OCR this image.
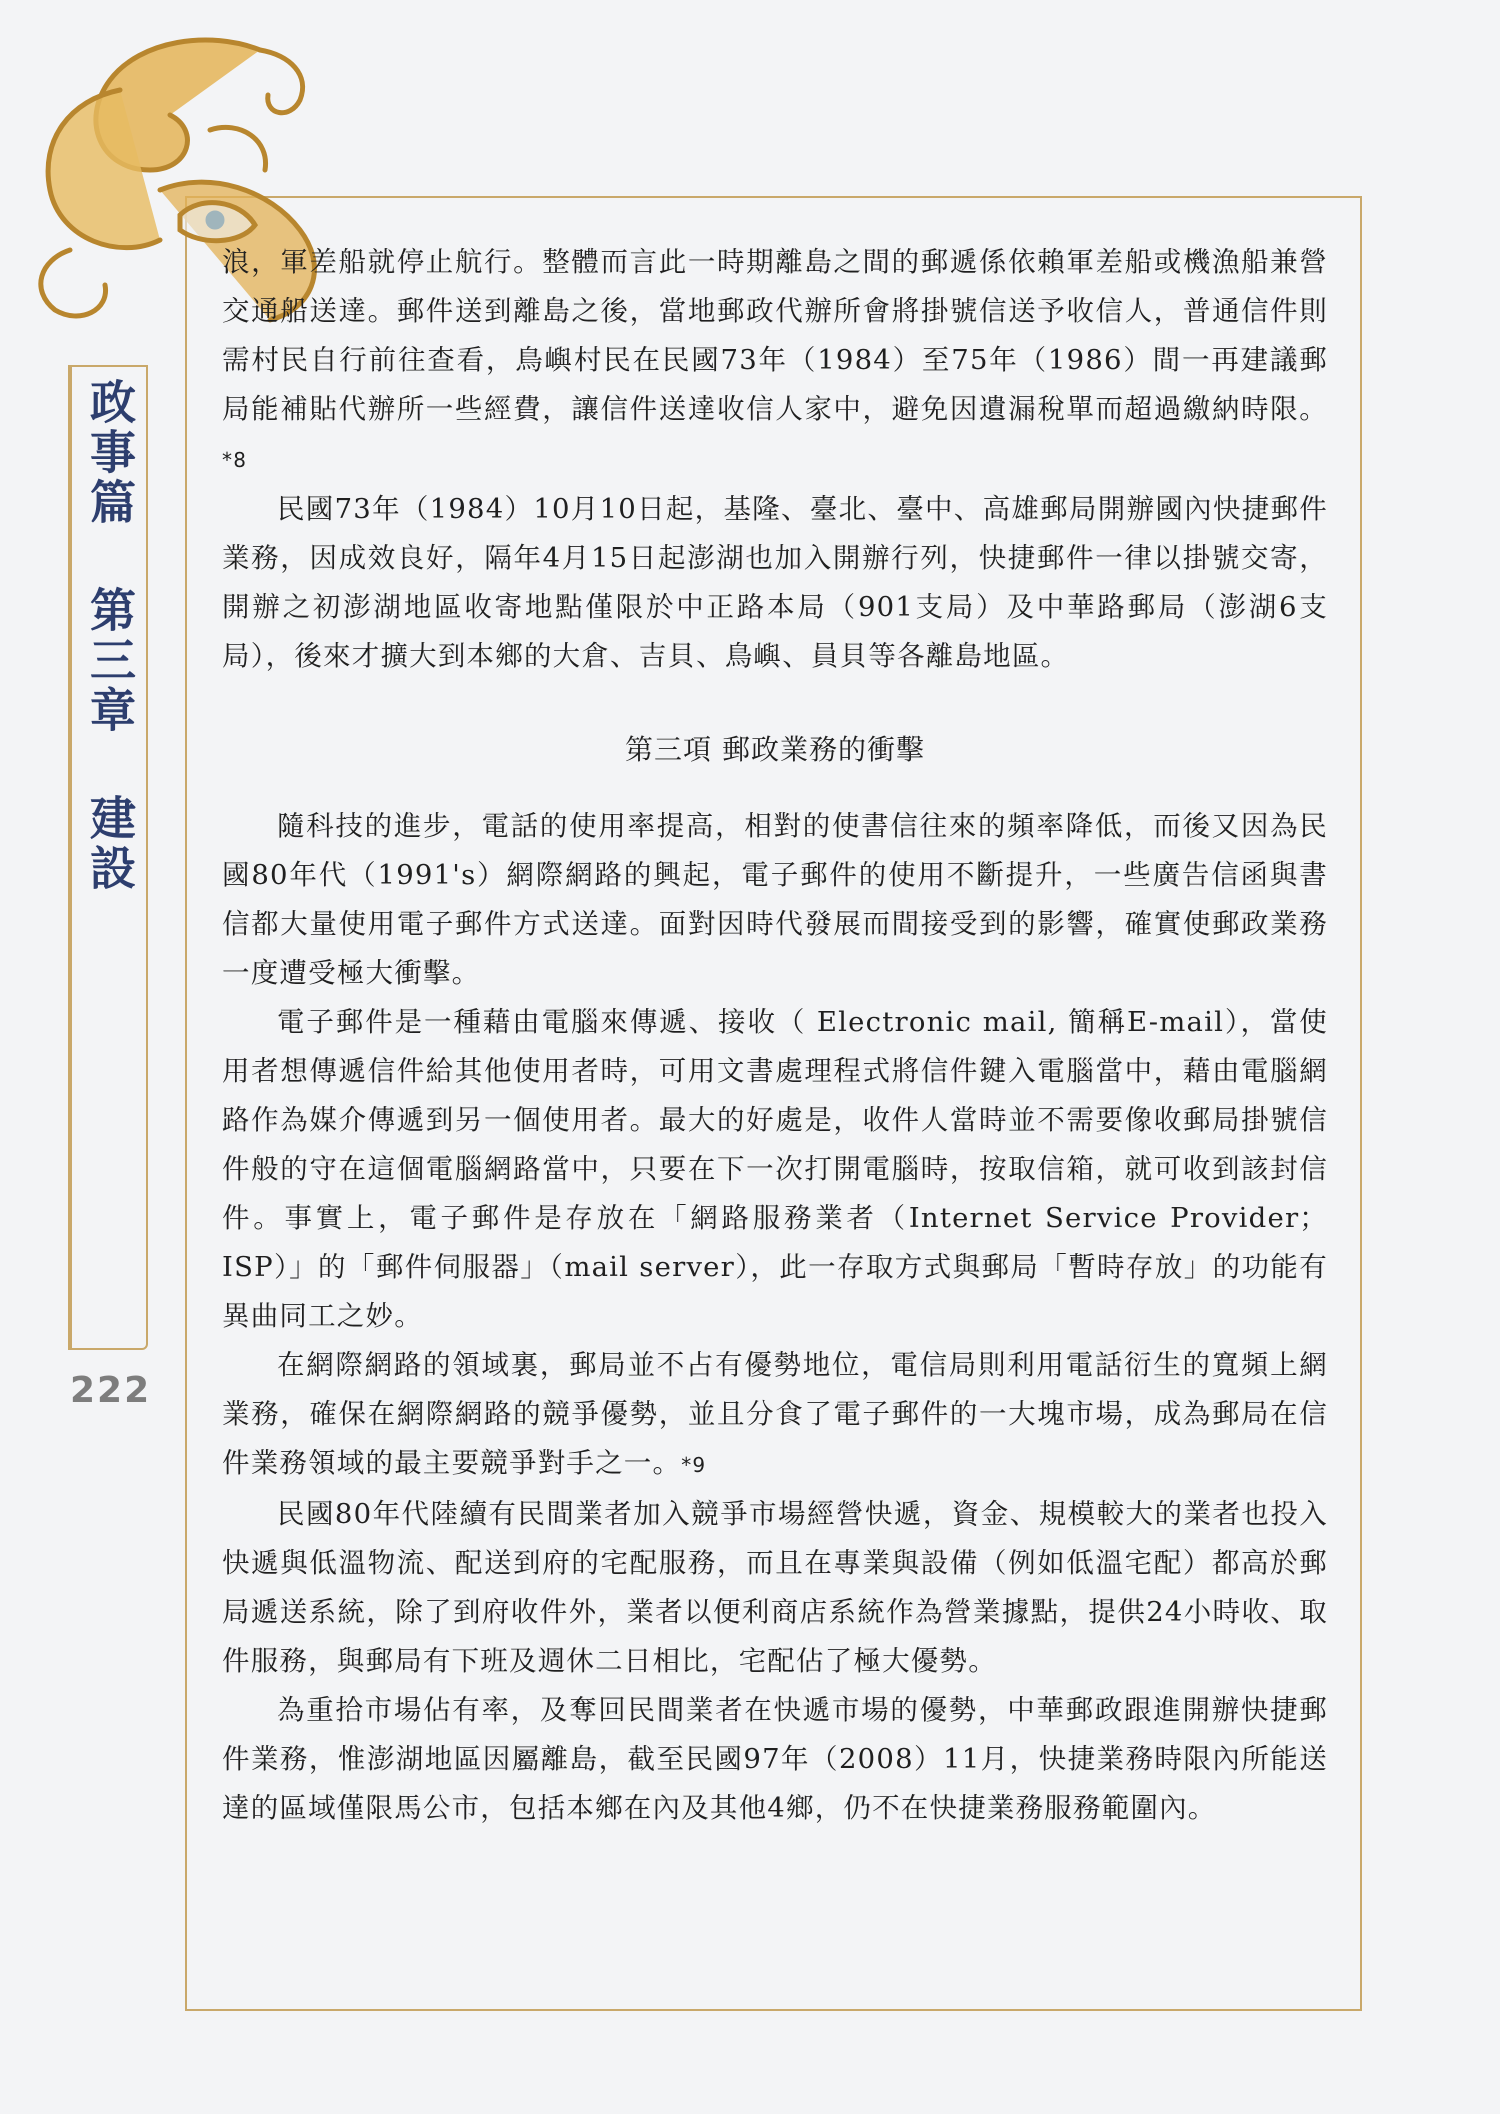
政事篇 第三章 建設
222

浪，軍差船就停止航行。整體而言此一時期離島之間的郵遞係依賴軍差船或機漁船兼營交通船送達。郵件送到離島之後，當地郵政代辦所會將掛號信送予收信人，普通信件則需村民自行前往查看，鳥嶼村民在民國73年（1984）至75年（1986）間一再建議郵局能補貼代辦所一些經費，讓信件送達收信人家中，避免因遺漏稅單而超過繳納時限。*8

民國73年（1984）10月10日起，基隆、臺北、臺中、高雄郵局開辦國內快捷郵件業務，因成效良好，隔年4月15日起澎湖也加入開辦行列，快捷郵件一律以掛號交寄，開辦之初澎湖地區收寄地點僅限於中正路本局（901支局）及中華路郵局（澎湖6支局），後來才擴大到本鄉的大倉、吉貝、鳥嶼、員貝等各離島地區。

第三項 郵政業務的衝擊

隨科技的進步，電話的使用率提高，相對的使書信往來的頻率降低，而後又因為民國80年代（1991's）網際網路的興起，電子郵件的使用不斷提升，一些廣告信函與書信都大量使用電子郵件方式送達。面對因時代發展而間接受到的影響，確實使郵政業務一度遭受極大衝擊。

電子郵件是一種藉由電腦來傳遞、接收（ Electronic mail, 簡稱E-mail），當使用者想傳遞信件給其他使用者時，可用文書處理程式將信件鍵入電腦當中，藉由電腦網路作為媒介傳遞到另一個使用者。最大的好處是，收件人當時並不需要像收郵局掛號信件般的守在這個電腦網路當中，只要在下一次打開電腦時，按取信箱，就可收到該封信件。事實上，電子郵件是存放在「網路服務業者（Internet Service Provider；ISP）」的「郵件伺服器」（mail server），此一存取方式與郵局「暫時存放」的功能有異曲同工之妙。

在網際網路的領域裏，郵局並不占有優勢地位，電信局則利用電話衍生的寬頻上網業務，確保在網際網路的競爭優勢，並且分食了電子郵件的一大塊市場，成為郵局在信件業務領域的最主要競爭對手之一。*9

民國80年代陸續有民間業者加入競爭市場經營快遞，資金、規模較大的業者也投入快遞與低溫物流、配送到府的宅配服務，而且在專業與設備（例如低溫宅配）都高於郵局遞送系統，除了到府收件外，業者以便利商店系統作為營業據點，提供24小時收、取件服務，與郵局有下班及週休二日相比，宅配佔了極大優勢。

為重拾市場佔有率，及奪回民間業者在快遞市場的優勢，中華郵政跟進開辦快捷郵件業務，惟澎湖地區因屬離島，截至民國97年（2008）11月，快捷業務時限內所能送達的區域僅限馬公市，包括本鄉在內及其他4鄉，仍不在快捷業務服務範圍內。
